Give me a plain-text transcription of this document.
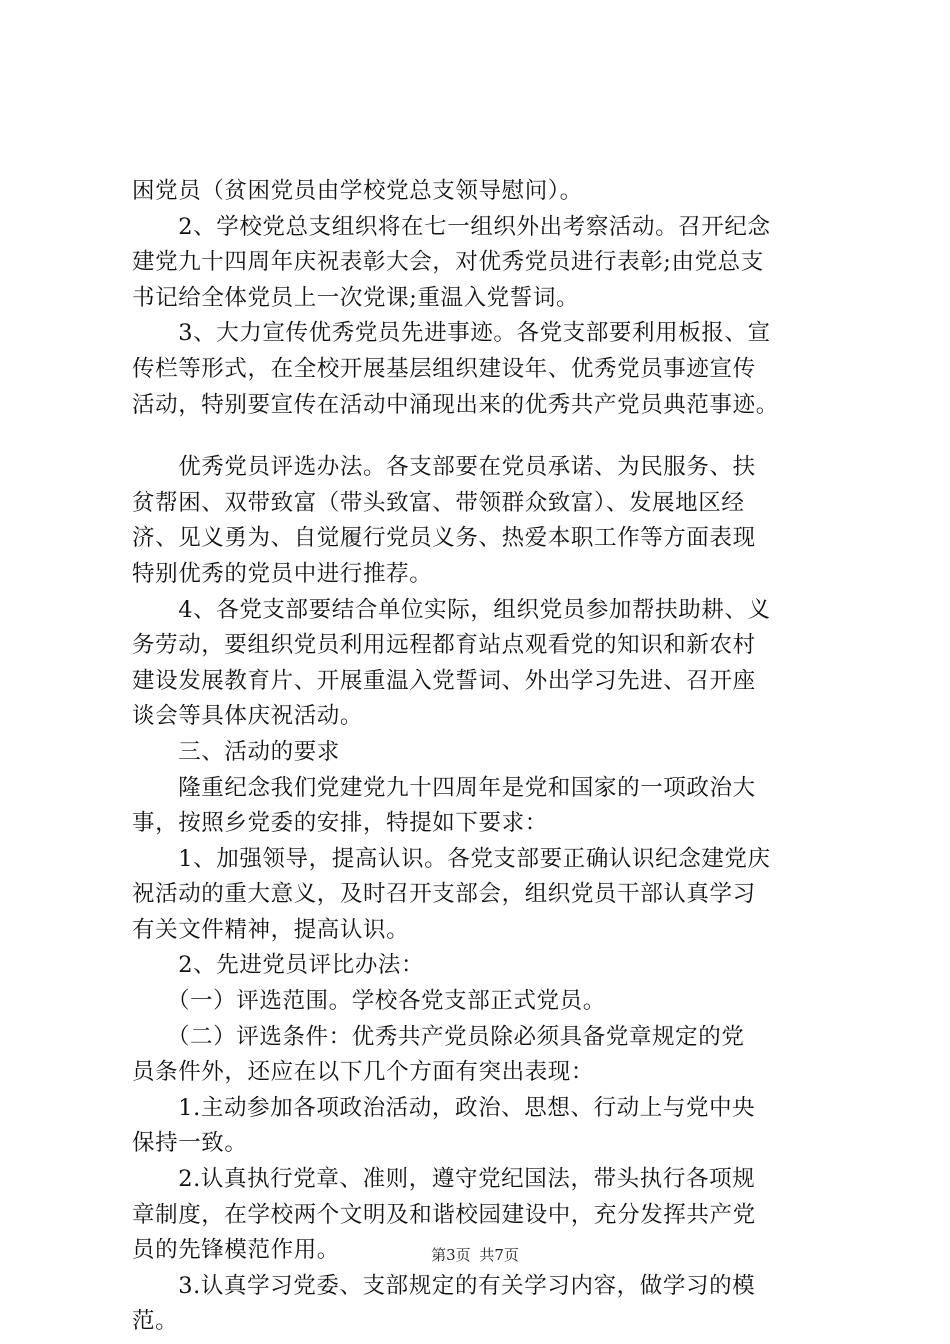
困党员（贫困党员由学校党总支领导慰问）。
　　2、学校党总支组织将在七一组织外出考察活动。召开纪念
建党九十四周年庆祝表彰大会，对优秀党员进行表彰;由党总支
书记给全体党员上一次党课;重温入党誓词。
　　3、大力宣传优秀党员先进事迹。各党支部要利用板报、宣
传栏等形式，在全校开展基层组织建设年、优秀党员事迹宣传
活动，特别要宣传在活动中涌现出来的优秀共产党员典范事迹。
　　优秀党员评选办法。各支部要在党员承诺、为民服务、扶
贫帮困、双带致富（带头致富、带领群众致富）、发展地区经
济、见义勇为、自觉履行党员义务、热爱本职工作等方面表现
特别优秀的党员中进行推荐。
　　4、各党支部要结合单位实际，组织党员参加帮扶助耕、义
务劳动，要组织党员利用远程都育站点观看党的知识和新农村
建设发展教育片、开展重温入党誓词、外出学习先进、召开座
谈会等具体庆祝活动。
　　三、活动的要求
　　隆重纪念我们党建党九十四周年是党和国家的一项政治大
事，按照乡党委的安排，特提如下要求：
　　1、加强领导，提高认识。各党支部要正确认识纪念建党庆
祝活动的重大意义，及时召开支部会，组织党员干部认真学习
有关文件精神，提高认识。
　　2、先进党员评比办法：
　　（一）评选范围。学校各党支部正式党员。
　　（二）评选条件：优秀共产党员除必须具备党章规定的党
员条件外，还应在以下几个方面有突出表现：
　　1.主动参加各项政治活动，政治、思想、行动上与党中央
保持一致。
　　2.认真执行党章、准则，遵守党纪国法，带头执行各项规
章制度，在学校两个文明及和谐校园建设中，充分发挥共产党
员的先锋模范作用。
　　3.认真学习党委、支部规定的有关学习内容，做学习的模
范。
第3页 共7页
